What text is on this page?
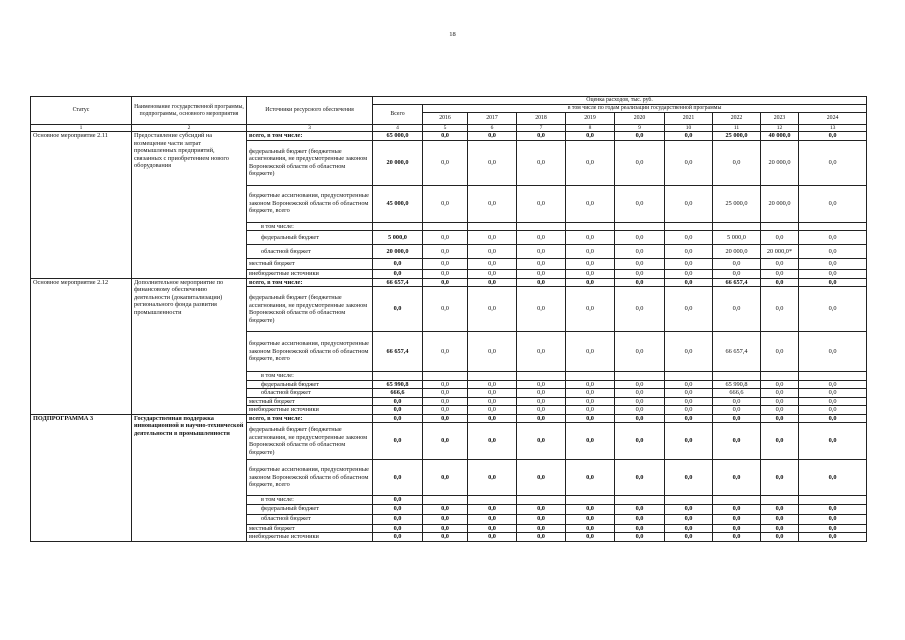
18
Статус	Наименование государственной программы, подпрограммы, основного мероприятия	Источники ресурсного обеспечения	Оценка расходов, тыс. руб.									
			Всего	в том числе по годам реализации государственной программы								
				2016	2017	2018	2019	2020	2021	2022	2023	2024
1	2	3	4	5	6	7	8	9	10	11	12	13
Основное мероприятие 2.11	Предоставление субсидий на возмещение части затрат промышленных предприятий, связанных с приобретением нового оборудования	всего, в том числе:	65 000,0	0,0	0,0	0,0	0,0	0,0	0,0	25 000,0	40 000,0	0,0
		федеральный бюджет (бюджетные ассигнования, не предусмотренные законом Воронежской области об областном бюджете)	20 000,0	0,0	0,0	0,0	0,0	0,0	0,0	0,0	20 000,0	0,0
		бюджетные ассигнования, предусмотренные законом Воронежской области об областном бюджете, всего	45 000,0	0,0	0,0	0,0	0,0	0,0	0,0	25 000,0	20 000,0	0,0
		в том числе:										
		федеральный бюджет	5 000,0	0,0	0,0	0,0	0,0	0,0	0,0	5 000,0	0,0	0,0
		областной бюджет	20 000,0	0,0	0,0	0,0	0,0	0,0	0,0	20 000,0	20 000,0*	0,0
		местный бюджет	0,0	0,0	0,0	0,0	0,0	0,0	0,0	0,0	0,0	0,0
		внебюджетные источники	0,0	0,0	0,0	0,0	0,0	0,0	0,0	0,0	0,0	0,0
Основное мероприятие 2.12	Дополнительное мероприятие по финансовому обеспечению деятельности (докапитализации) регионального фонда развития промышленности	всего, в том числе:	66 657,4	0,0	0,0	0,0	0,0	0,0	0,0	66 657,4	0,0	0,0
		федеральный бюджет (бюджетные ассигнования, не предусмотренные законом Воронежской области об областном бюджете)	0,0	0,0	0,0	0,0	0,0	0,0	0,0	0,0	0,0	0,0
		бюджетные ассигнования, предусмотренные законом Воронежской области об областном бюджете, всего	66 657,4	0,0	0,0	0,0	0,0	0,0	0,0	66 657,4	0,0	0,0
		в том числе:										
		федеральный бюджет	65 990,8	0,0	0,0	0,0	0,0	0,0	0,0	65 990,8	0,0	0,0
		областной бюджет	666,6	0,0	0,0	0,0	0,0	0,0	0,0	666,6	0,0	0,0
		местный бюджет	0,0	0,0	0,0	0,0	0,0	0,0	0,0	0,0	0,0	0,0
		внебюджетные источники	0,0	0,0	0,0	0,0	0,0	0,0	0,0	0,0	0,0	0,0
ПОДПРОГРАММА 3	Государственная поддержка инновационной и научно-технической деятельности в промышленности	всего, в том числе:	0,0	0,0	0,0	0,0	0,0	0,0	0,0	0,0	0,0	0,0
		федеральный бюджет (бюджетные ассигнования, не предусмотренные законом Воронежской области об областном бюджете)	0,0	0,0	0,0	0,0	0,0	0,0	0,0	0,0	0,0	0,0
		бюджетные ассигнования, предусмотренные законом Воронежской области об областном бюджете, всего	0,0	0,0	0,0	0,0	0,0	0,0	0,0	0,0	0,0	0,0
		в том числе:	0,0									
		федеральный бюджет	0,0	0,0	0,0	0,0	0,0	0,0	0,0	0,0	0,0	0,0
		областной бюджет	0,0	0,0	0,0	0,0	0,0	0,0	0,0	0,0	0,0	0,0
		местный бюджет	0,0	0,0	0,0	0,0	0,0	0,0	0,0	0,0	0,0	0,0
		внебюджетные источники	0,0	0,0	0,0	0,0	0,0	0,0	0,0	0,0	0,0	0,0
